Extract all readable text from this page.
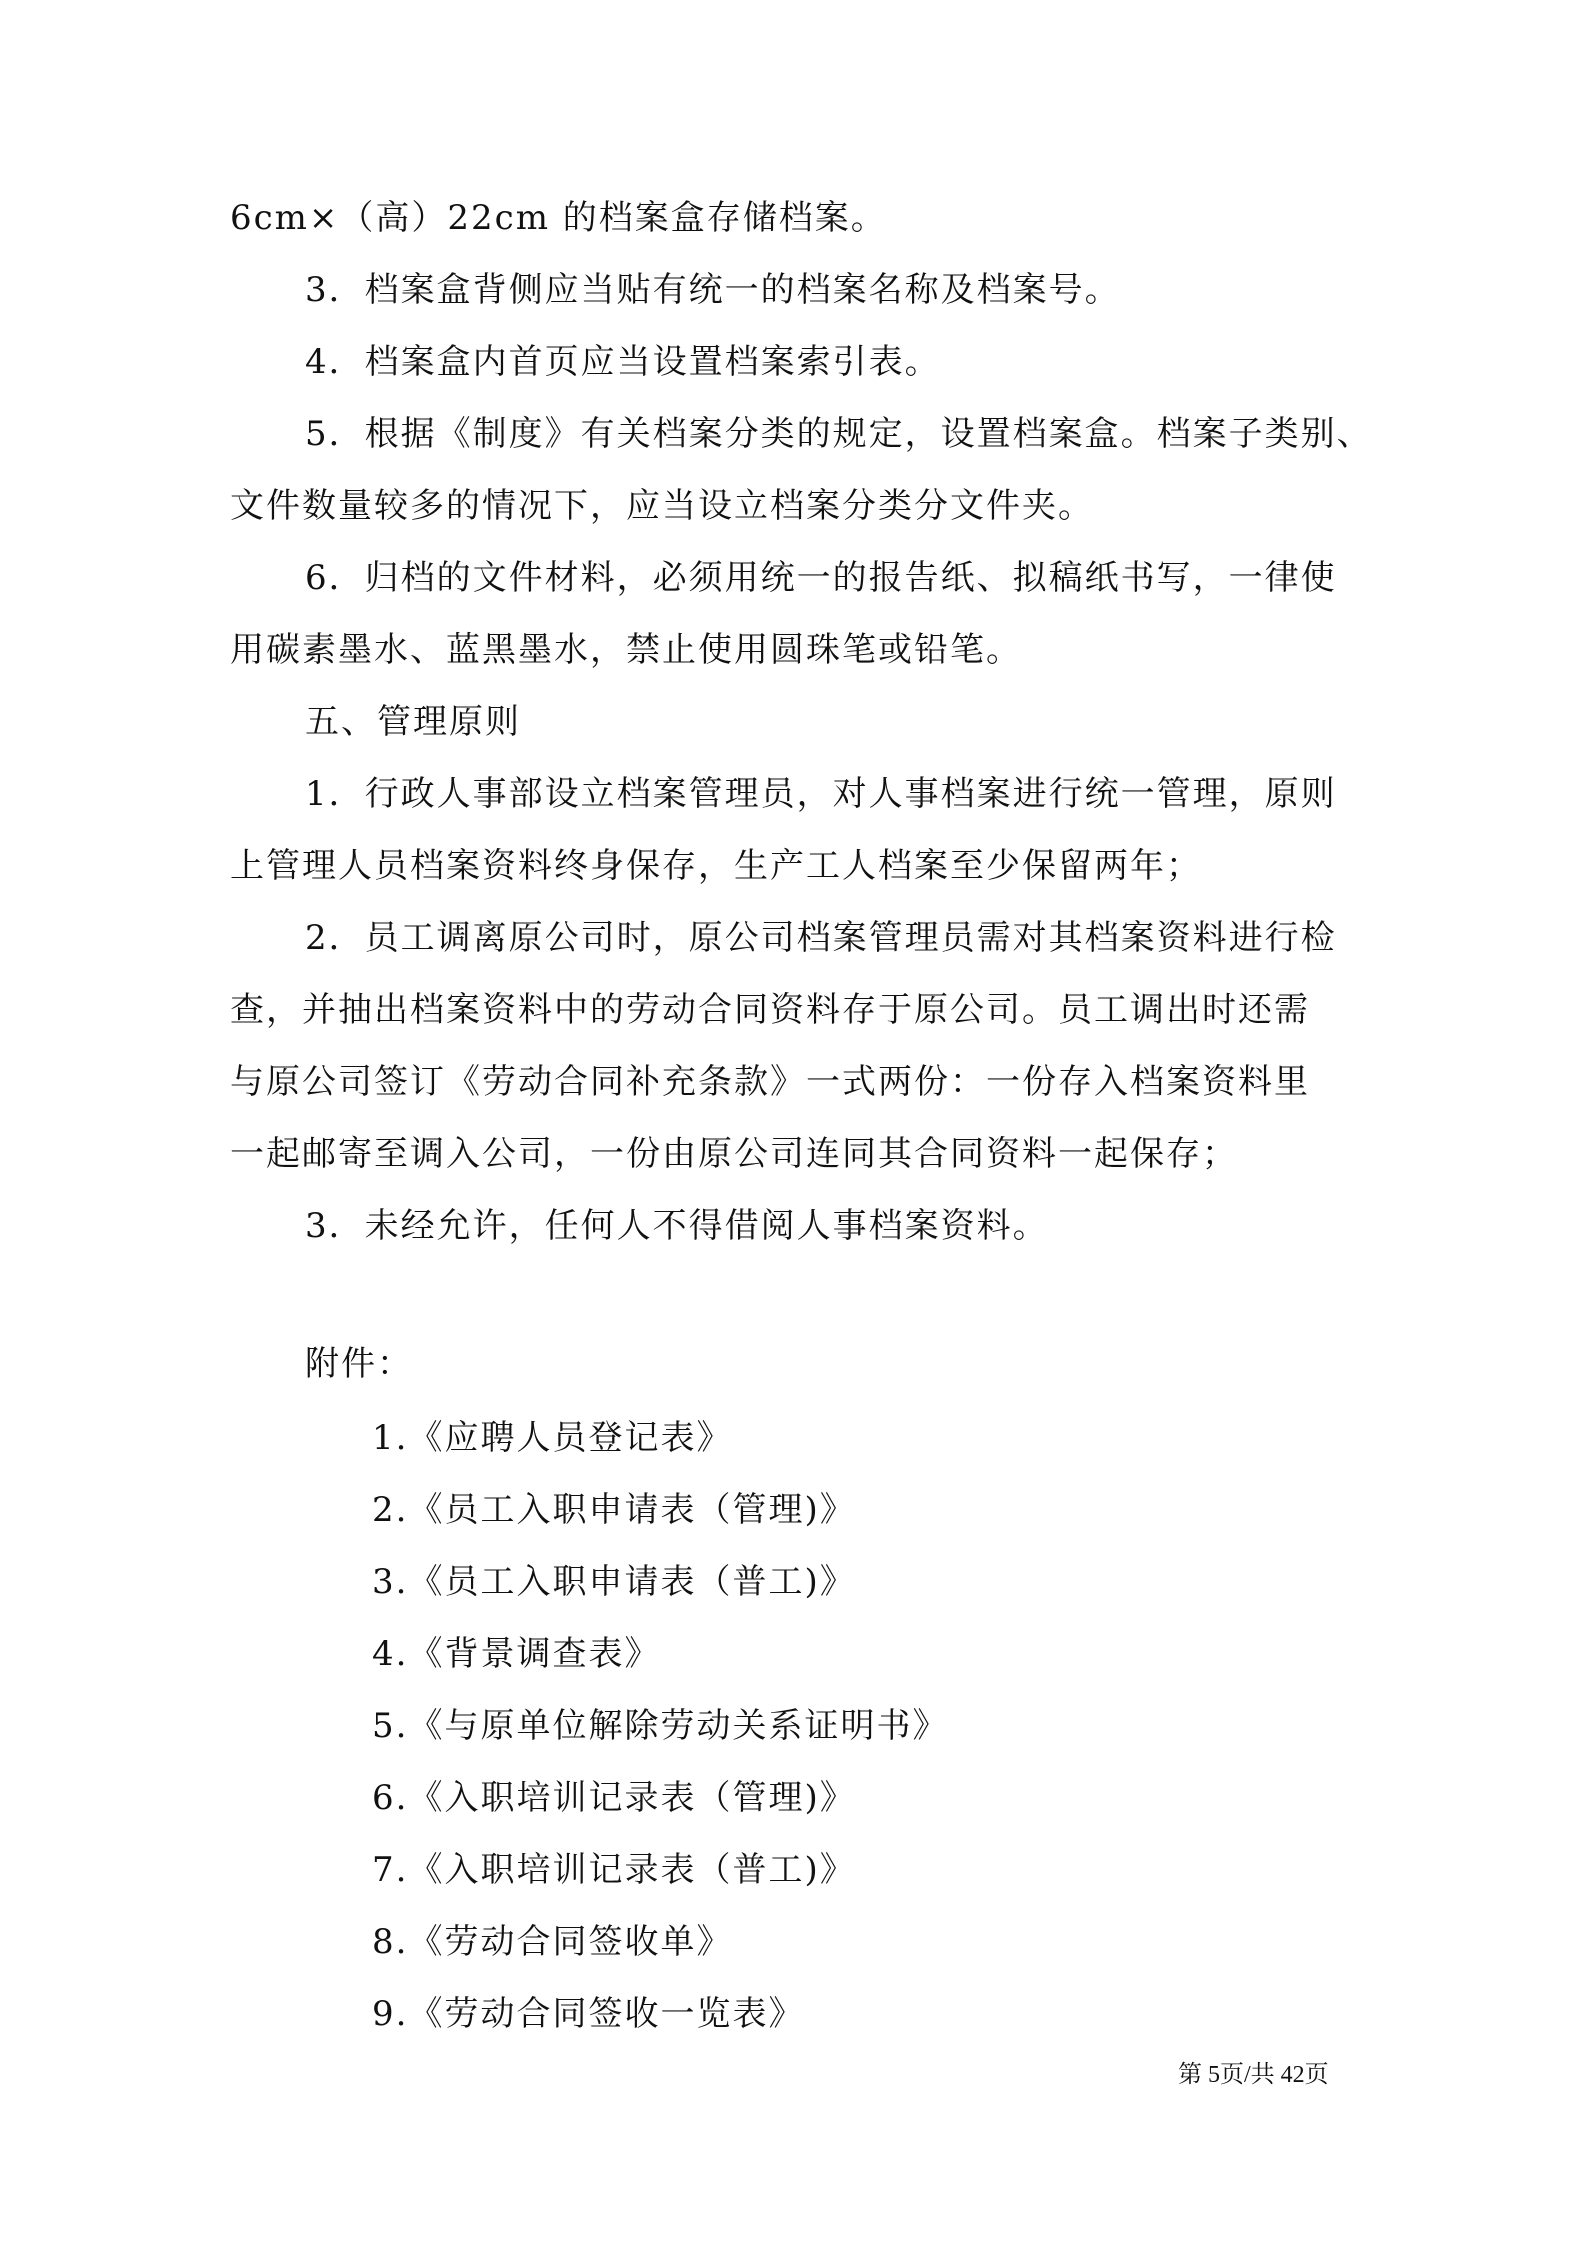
6cm×（高）22cm 的档案盒存储档案。
3．档案盒背侧应当贴有统一的档案名称及档案号。
4．档案盒内首页应当设置档案索引表。
5．根据《制度》有关档案分类的规定，设置档案盒。档案子类别、
文件数量较多的情况下，应当设立档案分类分文件夹。
6．归档的文件材料，必须用统一的报告纸、拟稿纸书写，一律使
用碳素墨水、蓝黑墨水，禁止使用圆珠笔或铅笔。
五、管理原则
1．行政人事部设立档案管理员，对人事档案进行统一管理，原则
上管理人员档案资料终身保存，生产工人档案至少保留两年；
2．员工调离原公司时，原公司档案管理员需对其档案资料进行检
查，并抽出档案资料中的劳动合同资料存于原公司。员工调出时还需
与原公司签订《劳动合同补充条款》一式两份：一份存入档案资料里
一起邮寄至调入公司，一份由原公司连同其合同资料一起保存；
3．未经允许，任何人不得借阅人事档案资料。
附件：
1.《应聘人员登记表》
2.《员工入职申请表（管理)》
3.《员工入职申请表（普工)》
4.《背景调查表》
5.《与原单位解除劳动关系证明书》
6.《入职培训记录表（管理)》
7.《入职培训记录表（普工)》
8.《劳动合同签收单》
9.《劳动合同签收一览表》
第 5页/共 42页
